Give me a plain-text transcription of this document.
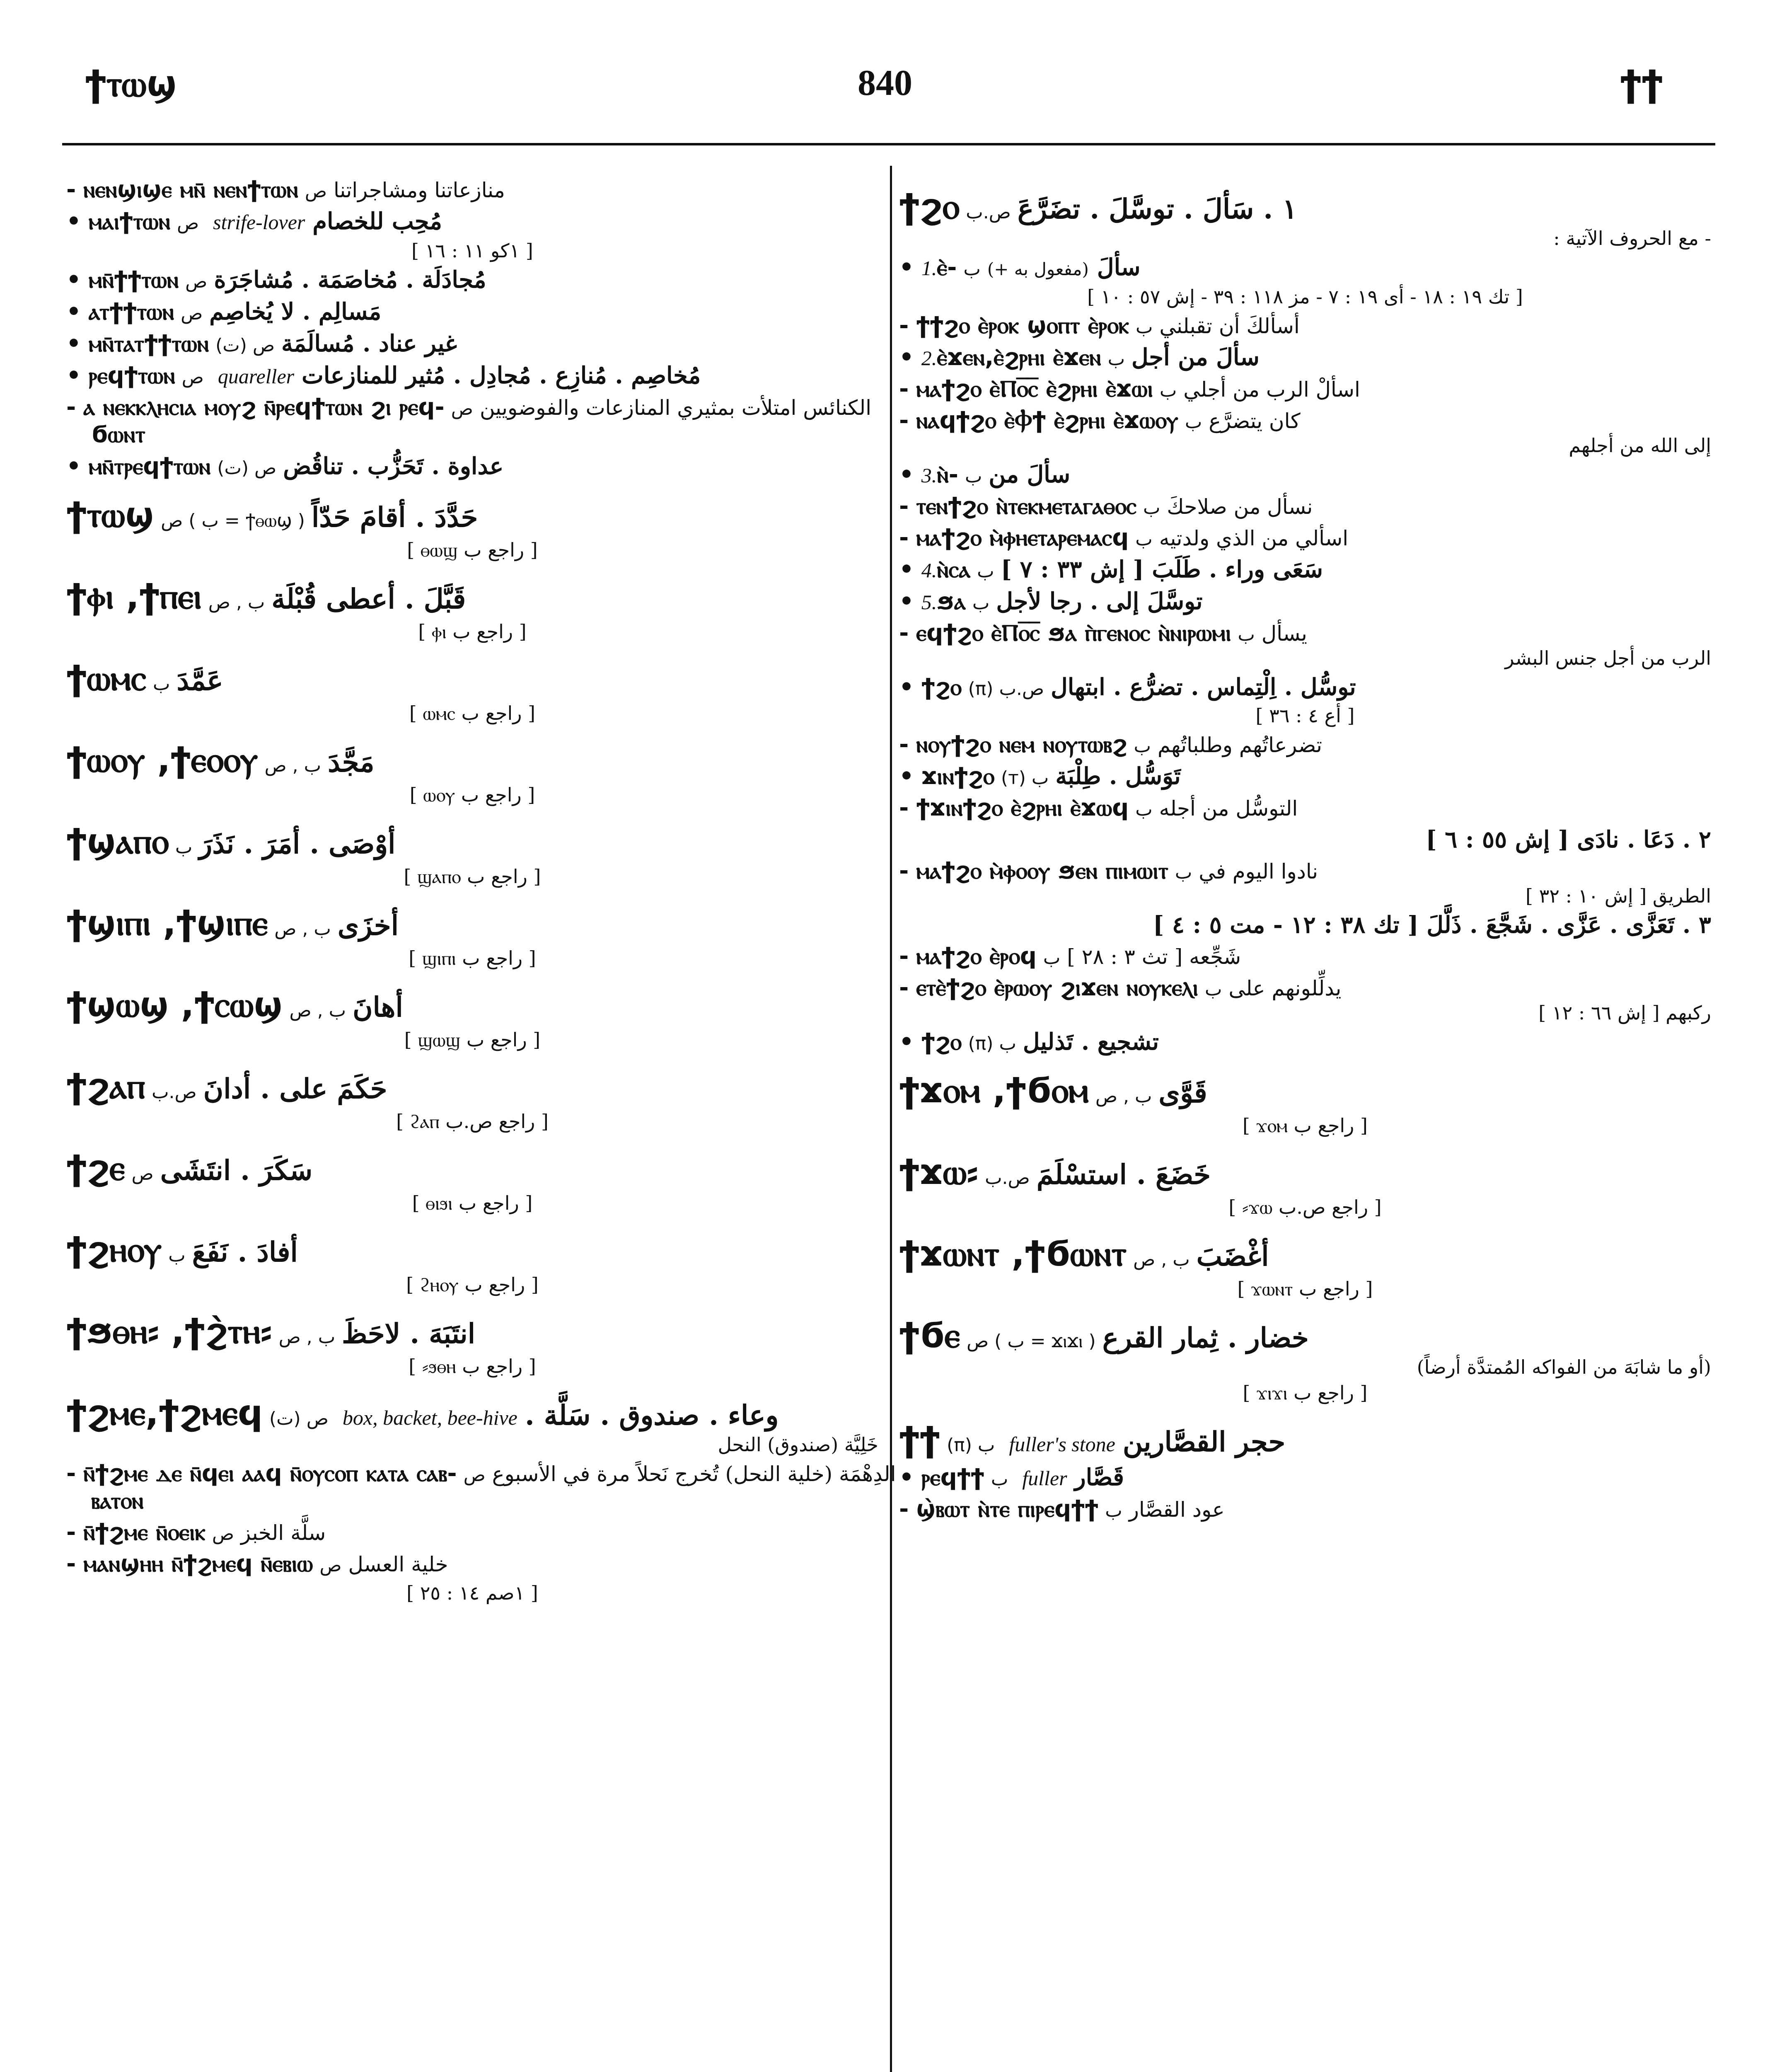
ϯⲧⲱϣ	840	ϯϯ
- ⲛⲉⲛϣⲓϣⲉ ⲙⲛ̄ ⲛⲉⲛϯⲧⲱⲛ ص منازعاتنا ومشاجراتنا
• ⲙⲁⲓϯⲧⲱⲛ ص	مُحِب للخصام
strife-lover
[ ١كو ١١ : ١٦ ]
• ⲙⲛ̄ϯϯⲧⲱⲛ ص مُجادَلَة . مُخاصَمَة . مُشاجَرَة
• ⲁⲧϯϯⲧⲱⲛ ص مَسالِم . لا يُخاصِم
• ⲙⲛ̄ⲧⲁⲧϯϯⲧⲱⲛ (ت) ص غير عناد . مُسالَمَة
• ⲣⲉϥϯⲧⲱⲛ ص	مُخاصِم . مُنازِع . مُجادِل . مُثير للمنازعات
quareller
- ⲁ ⲛⲉⲕⲕⲗⲏⲥⲓⲁ ⲙⲟⲩϩ ⲛ̄ⲣⲉϥϯⲧⲱⲛ ϩⲓ ⲣⲉϥ- ص الكنائس امتلأت بمثيري المنازعات والفوضويين
ϭⲱⲛⲧ
• ⲙⲛ̄ⲧⲣⲉϥϯⲧⲱⲛ (ت) ص عداوة . تَحَزُّب . تناقُض
ϯⲧⲱϣ ص ( ب = ϯⲑⲱϣ ) حَدَّدَ . أقامَ حَدّاً
[ راجع ب ⲑⲱϣ ]
ϯⲫⲓ ,ϯⲡⲉⲓ ب , ص قَبَّلَ . أعطى قُبْلَة
[ راجع ب ⲫⲓ ]
ϯⲱⲙⲥ ب عَمَّدَ
[ راجع ب ⲱⲙⲥ ]
ϯⲱⲟⲩ ,ϯⲉⲟⲟⲩ ب , ص مَجَّدَ
[ راجع ب ⲱⲟⲩ ]
ϯϣⲁⲡⲟ ب أوْصَى . أمَرَ . نَذَرَ
[ راجع ب ϣⲁⲡⲟ ]
ϯϣⲓⲡⲓ ,ϯϣⲓⲡⲉ ب , ص أخزَى
[ راجع ب ϣⲓⲡⲓ ]
ϯϣⲱϣ ,ϯⲥⲱϣ ب , ص أهانَ
[ راجع ب ϣⲱϣ ]
ϯϩⲁⲡ ص.ب حَكَمَ على . أدانَ
[ راجع ص.ب ϩⲁⲡ ]
ϯϩⲉ ص سَكَرَ . انتَشَى
[ راجع ب ⲑⲓϧⲓ ]
ϯϩⲏⲟⲩ ب أفادَ . نَفَعَ
[ راجع ب ϩⲏⲟⲩ ]
ϯϧⲑⲏ⸗ ,ϯϩ̀ⲧⲏ⸗ ب , ص انتَبَهَ . لاحَظَ
[ راجع ب ϧⲑⲏ⸗ ]
ϯϩⲙⲉ,ϯϩⲙⲉϥ (ت) ص	وعاء . صندوق . سَلَّة .
box, backet, bee-hive
خَلِيَّة (صندوق) النحل
- ⲛ̄ϯϩⲙⲉ ⲇⲉ ⲛ̄ϥⲉⲓ ⲁⲁϥ ⲛ̄ⲟⲩⲥⲟⲡ ⲕⲁⲧⲁ ⲥⲁⲃ- ص الدِهْمَة (خلية النحل) تُخرج نَحلاً مرة في الأسبوع
ⲃⲁⲧⲟⲛ
- ⲛ̄ϯϩⲙⲉ ⲛ̄ⲟⲉⲓⲕ ص سلَّة الخبز
- ⲙⲁⲛϣⲏⲏ ⲛ̄ϯϩⲙⲉϥ ⲛ̄ⲉⲃⲓⲱ ص خلية العسل
[ ١صم ١٤ : ٢٥ ]
ϯϩⲟ ص.ب ١ . سَألَ . توسَّلَ . تضَرَّعَ
- مع الحروف الآتية :
• 1. ⲉ̀- ب	سألَ
(مفعول به +)
[ تك ١٩ : ١٨ - أى ١٩ : ٧ - مز ١١٨ : ٣٩ - إش ٥٧ : ١٠ ]
- ϯϯϩⲟ ⲉ̀ⲣⲟⲕ ϣⲟⲡⲧ ⲉ̀ⲣⲟⲕ ب أسألكَ أن تقبلني
• 2. ⲉ̀ϫⲉⲛ,ⲉ̀ϩⲣⲏⲓ ⲉ̀ϫⲉⲛ ب سألَ من أجل
- ⲙⲁϯϩⲟ ⲉ̀Ⲡⲟ̅ⲥ̅ ⲉ̀ϩⲣⲏⲓ ⲉ̀ϫⲱⲓ ب اسألْ الرب من أجلي
- ⲛⲁϥϯϩⲟ ⲉ̀Ⲫϯ ⲉ̀ϩⲣⲏⲓ ⲉ̀ϫⲱⲟⲩ ب كان يتضرَّع
إلى الله من أجلهم
• 3. ⲛ̀- ب سألَ من
- ⲧⲉⲛϯϩⲟ ⲛ̀ⲧⲉⲕⲙⲉⲧⲁⲅⲁⲑⲟⲥ ب نسأل من صلاحكَ
- ⲙⲁϯϩⲟ ⲙ̀ⲫⲏⲉⲧⲁⲣⲉⲙⲁⲥϥ ب اسألي من الذي ولدتيه
• 4. ⲛ̀ⲥⲁ ب سَعَى وراء . طَلَبَ [ إش ٣٣ : ٧ ]
• 5. ϧⲁ ب توسَّلَ إلى . رجا لأجل
- ⲉϥϯϩⲟ ⲉ̀Ⲡⲟ̅ⲥ̅ ϧⲁ ⲡ̀ⲅⲉⲛⲟⲥ ⲛ̀ⲛⲓⲣⲱⲙⲓ ب يسأل
الرب من أجل جنس البشر
• ϯϩⲟ (π) ص.ب توسُّل . اِلْتِماس . تضرُّع . ابتهال
[ أع ٤ : ٣٦ ]
- ⲛⲟⲩϯϩⲟ ⲛⲉⲙ ⲛⲟⲩⲧⲱⲃϩ ب تضرعاتُهم وطلباتُهم
• ϫⲓⲛϯϩⲟ (т) ب تَوَسُّل . طِلْبَة
- ϯϫⲓⲛϯϩⲟ ⲉ̀ϩⲣⲏⲓ ⲉ̀ϫⲱϥ ب التوسُّل من أجله
٢ . دَعَا . نادَى [ إش ٥٥ : ٦ ]
- ⲙⲁϯϩⲟ ⲙ̀ⲫⲟⲟⲩ ϧⲉⲛ ⲡⲓⲙⲱⲓⲧ ب نادوا اليوم في
الطريق [ إش ١٠ : ٣٢ ]
٣ . تَعَزَّى . عَزَّى . شَجَّعَ . ذَلَّلَ [ تك ٣٨ : ١٢ - مت ٥ : ٤ ]
- ⲙⲁϯϩⲟ ⲉ̀ⲣⲟϥ ب شَجِّعه [ تث ٣ : ٢٨ ]
- ⲉⲧⲉ̀ϯϩⲟ ⲉ̀ⲣⲱⲟⲩ ϩⲓϫⲉⲛ ⲛⲟⲩⲕⲉⲗⲓ ب يدلِّلونهم على
ركبهم [ إش ٦٦ : ١٢ ]
• ϯϩⲟ (π) ب تشجيع . تَذليل
ϯϫⲟⲙ ,ϯϭⲟⲙ ب , ص قَوَّى
[ راجع ب ϫⲟⲙ ]
ϯϫⲱ⸗ ص.ب خَضَعَ . استسْلَمَ
[ راجع ص.ب ϫⲱ⸗ ]
ϯϫⲱⲛⲧ ,ϯϭⲱⲛⲧ ب , ص أغْضَبَ
[ راجع ب ϫⲱⲛⲧ ]
ϯϭⲉ ص ( ب = ϫⲓϫⲓ ) خضار . ثِمار القرع
(أو ما شابَهَ من الفواكه المُمتدَّة أرضاً)
[ راجع ب ϫⲓϫⲓ ]
ϯϯ (π) ب	حجر القصَّارين
fuller's stone
• ⲣⲉϥϯϯ ب	قَصَّار
fuller
- ϣ̀ⲃⲱⲧ ⲛ̀ⲧⲉ ⲡⲓⲣⲉϥϯϯ ب عود القصَّار
